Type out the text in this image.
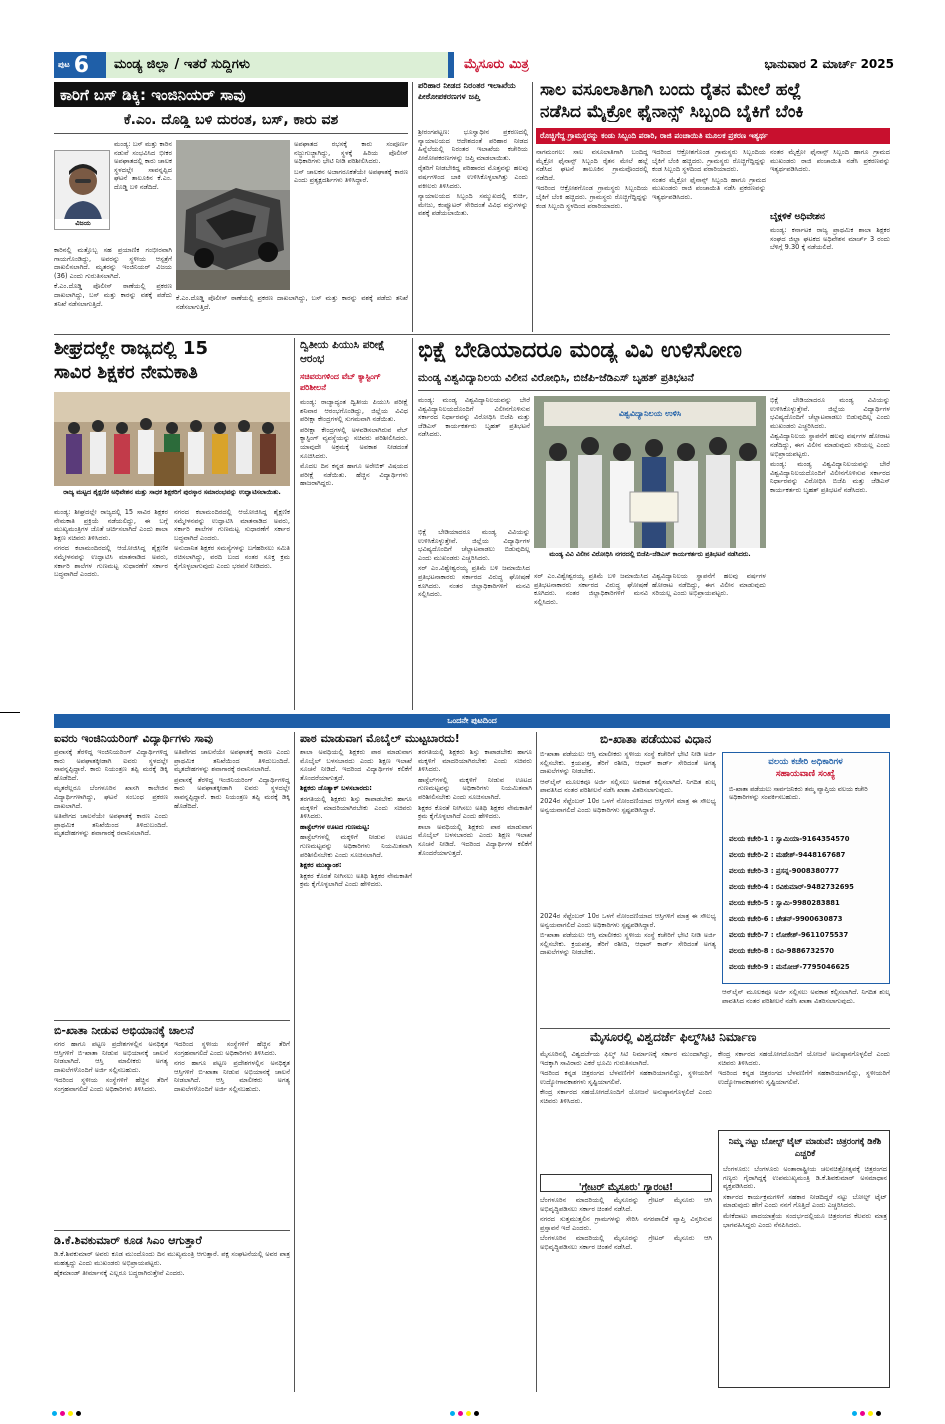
ಪುಟ 6 ಮಂಡ್ಯ ಜಿಲ್ಲಾ / ಇತರೆ ಸುದ್ದಿಗಳು	ಮೈಸೂರು ಮಿತ್ರ	ಭಾನುವಾರ 2 ಮಾರ್ಚ್ 2025
ಕಾರಿಗೆ ಬಸ್ ಡಿಕ್ಕಿ: ಇಂಜಿನಿಯರ್ ಸಾವು
ಕೆ.ಎಂ. ದೊಡ್ಡಿ ಬಳಿ ದುರಂತ, ಬಸ್, ಕಾರು ವಶ
ವಿಜಯ

ಮಂಡ್ಯ: ಬಸ್ ಮತ್ತು ಕಾರಿನ ನಡುವೆ ಸಂಭವಿಸಿದ ಭೀಕರ ಅಪಘಾತದಲ್ಲಿ ಕಾರು ಚಾಲಕ ಸ್ಥಳದಲ್ಲೇ ಸಾವನ್ನಪ್ಪಿದ ಘಟನೆ ತಾಲೂಕಿನ ಕೆ.ಎಂ. ದೊಡ್ಡಿ ಬಳಿ ನಡೆದಿದೆ.

ಕಾರಿನಲ್ಲಿ ಮತ್ತೊಬ್ಬ ಸಹ ಪ್ರಯಾಣಿಕ ಗಂಭೀರವಾಗಿ ಗಾಯಗೊಂಡಿದ್ದು, ಅವರನ್ನು ಸ್ಥಳೀಯ ಆಸ್ಪತ್ರೆಗೆ ದಾಖಲಿಸಲಾಗಿದೆ. ಮೃತರನ್ನು ಇಂಜಿನಿಯರ್ ವಿಜಯ (36) ಎಂದು ಗುರುತಿಸಲಾಗಿದೆ.

ಕೆ.ಎಂ.ದೊಡ್ಡಿ ಪೊಲೀಸ್ ಠಾಣೆಯಲ್ಲಿ ಪ್ರಕರಣ ದಾಖಲಾಗಿದ್ದು, ಬಸ್ ಮತ್ತು ಕಾರನ್ನು ವಶಕ್ಕೆ ಪಡೆದು ತನಿಖೆ ನಡೆಸಲಾಗುತ್ತಿದೆ.

ಅಪಘಾತದ ರಭಸಕ್ಕೆ ಕಾರು ಸಂಪೂರ್ಣ ನಜ್ಜುಗುಜ್ಜಾಗಿದ್ದು, ಸ್ಥಳಕ್ಕೆ ಹಿರಿಯ ಪೊಲೀಸ್ ಅಧಿಕಾರಿಗಳು ಭೇಟಿ ನೀಡಿ ಪರಿಶೀಲಿಸಿದರು.

ಬಸ್ ಚಾಲಕನ ಅಜಾಗರೂಕತೆಯೇ ಅಪಘಾತಕ್ಕೆ ಕಾರಣ ಎಂದು ಪ್ರತ್ಯಕ್ಷದರ್ಶಿಗಳು ತಿಳಿಸಿದ್ದಾರೆ.

ಕೆ.ಎಂ.ದೊಡ್ಡಿ ಪೊಲೀಸ್ ಠಾಣೆಯಲ್ಲಿ ಪ್ರಕರಣ ದಾಖಲಾಗಿದ್ದು, ಬಸ್ ಮತ್ತು ಕಾರನ್ನು ವಶಕ್ಕೆ ಪಡೆದು ತನಿಖೆ ನಡೆಸಲಾಗುತ್ತಿದೆ.

ಪರಿಹಾರ ನೀಡದ ನಿರಂತರ ಇಲಾಖೆಯ ಪೀಠೋಪಕರಣಗಳ ಜಪ್ತಿ

ಶ್ರೀರಂಗಪಟ್ಟಣ: ಭೂಸ್ವಾಧೀನ ಪ್ರಕರಣದಲ್ಲಿ ನ್ಯಾಯಾಲಯದ ಆದೇಶದಂತೆ ಪರಿಹಾರ ನೀಡದ ಹಿನ್ನೆಲೆಯಲ್ಲಿ ನಿರಂತರ ಇಲಾಖೆಯ ಕಚೇರಿಯ ಪೀಠೋಪಕರಣಗಳನ್ನು ಜಪ್ತಿ ಮಾಡಲಾಯಿತು.

ರೈತರಿಗೆ ನೀಡಬೇಕಿದ್ದ ಪರಿಹಾರದ ಮೊತ್ತವನ್ನು ಹಲವು ವರ್ಷಗಳಿಂದ ಬಾಕಿ ಉಳಿಸಿಕೊಳ್ಳಲಾಗಿತ್ತು ಎಂದು ವಕೀಲರು ತಿಳಿಸಿದರು.

ನ್ಯಾಯಾಲಯದ ಸಿಬ್ಬಂದಿ ಸಮ್ಮುಖದಲ್ಲಿ ಕುರ್ಚಿ, ಮೇಜು, ಕಂಪ್ಯೂಟರ್ ಸೇರಿದಂತೆ ವಿವಿಧ ವಸ್ತುಗಳನ್ನು ವಶಕ್ಕೆ ಪಡೆಯಲಾಯಿತು.

ಸಾಲ ವಸೂಲಾತಿಗಾಗಿ ಬಂದು ರೈತನ ಮೇಲೆ ಹಲ್ಲೆ
ನಡೆಸಿದ ಮೈಕ್ರೋ ಫೈನಾನ್ಸ್ ಸಿಬ್ಬಂದಿ ಬೈಕಿಗೆ ಬೆಂಕಿ
ರೊಚ್ಚಿಗೆದ್ದ ಗ್ರಾಮಸ್ಥರನ್ನು ಕಂಡು ಸಿಬ್ಬಂದಿ ಪರಾರಿ, ರಾಜಿ ಪಂಚಾಯಿತಿ ಮೂಲಕ ಪ್ರಕರಣ ಇತ್ಯರ್ಥ

ನಾಗಮಂಗಲ: ಸಾಲ ವಸೂಲಾತಿಗಾಗಿ ಬಂದಿದ್ದ ಮೈಕ್ರೋ ಫೈನಾನ್ಸ್ ಸಿಬ್ಬಂದಿ ರೈತನ ಮೇಲೆ ಹಲ್ಲೆ ನಡೆಸಿದ ಘಟನೆ ತಾಲೂಕಿನ ಗ್ರಾಮವೊಂದರಲ್ಲಿ ನಡೆದಿದೆ.

ಇದರಿಂದ ಆಕ್ರೋಶಗೊಂಡ ಗ್ರಾಮಸ್ಥರು ಸಿಬ್ಬಂದಿಯ ಬೈಕಿಗೆ ಬೆಂಕಿ ಹಚ್ಚಿದರು. ಗ್ರಾಮಸ್ಥರು ರೊಚ್ಚಿಗೆದ್ದಿದ್ದನ್ನು ಕಂಡ ಸಿಬ್ಬಂದಿ ಸ್ಥಳದಿಂದ ಪರಾರಿಯಾದರು.

ಇದರಿಂದ ಆಕ್ರೋಶಗೊಂಡ ಗ್ರಾಮಸ್ಥರು ಸಿಬ್ಬಂದಿಯ ಬೈಕಿಗೆ ಬೆಂಕಿ ಹಚ್ಚಿದರು. ಗ್ರಾಮಸ್ಥರು ರೊಚ್ಚಿಗೆದ್ದಿದ್ದನ್ನು ಕಂಡ ಸಿಬ್ಬಂದಿ ಸ್ಥಳದಿಂದ ಪರಾರಿಯಾದರು.

ನಂತರ ಮೈಕ್ರೋ ಫೈನಾನ್ಸ್ ಸಿಬ್ಬಂದಿ ಹಾಗೂ ಗ್ರಾಮದ ಮುಖಂಡರು ರಾಜಿ ಪಂಚಾಯಿತಿ ನಡೆಸಿ ಪ್ರಕರಣವನ್ನು ಇತ್ಯರ್ಥಪಡಿಸಿದರು.

ನಂತರ ಮೈಕ್ರೋ ಫೈನಾನ್ಸ್ ಸಿಬ್ಬಂದಿ ಹಾಗೂ ಗ್ರಾಮದ ಮುಖಂಡರು ರಾಜಿ ಪಂಚಾಯಿತಿ ನಡೆಸಿ ಪ್ರಕರಣವನ್ನು ಇತ್ಯರ್ಥಪಡಿಸಿದರು.

ಬೈಕ್ಗಳಿಕೆ ಅಧಿವೇಶನ

ಮಂಡ್ಯ: ಕರ್ನಾಟಕ ರಾಜ್ಯ ಪ್ರಾಥಮಿಕ ಶಾಲಾ ಶಿಕ್ಷಕರ ಸಂಘದ ಜಿಲ್ಲಾ ಘಟಕದ ಅಧಿವೇಶನ ಮಾರ್ಚ್ 3 ರಂದು ಬೆಳಿಗ್ಗೆ 9.30 ಕ್ಕೆ ನಡೆಯಲಿದೆ.

ಶೀಘ್ರದಲ್ಲೇ ರಾಜ್ಯದಲ್ಲಿ 15
ಸಾವಿರ ಶಿಕ್ಷಕರ ನೇಮಕಾತಿ
ರಾಜ್ಯ ಮಟ್ಟದ ಶೈಕ್ಷಣಿಕ ಅಧಿವೇಶನ ಮತ್ತು ಸಾಧಕ ಶಿಕ್ಷಕರಿಗೆ ಪುರಸ್ಕಾರ ಸಮಾರಂಭವನ್ನು ಉದ್ಘಾಟಿಸಲಾಯಿತು.

ಮಂಡ್ಯ: ಶೀಘ್ರದಲ್ಲೇ ರಾಜ್ಯದಲ್ಲಿ 15 ಸಾವಿರ ಶಿಕ್ಷಕರ ನೇಮಕಾತಿ ಪ್ರಕ್ರಿಯೆ ನಡೆಯಲಿದ್ದು, ಈ ಬಗ್ಗೆ ಮುಖ್ಯಮಂತ್ರಿಗಳ ಜೊತೆ ಚರ್ಚಿಸಲಾಗಿದೆ ಎಂದು ಶಾಲಾ ಶಿಕ್ಷಣ ಸಚಿವರು ತಿಳಿಸಿದರು.

ನಗರದ ಕಲಾಮಂದಿರದಲ್ಲಿ ಆಯೋಜಿಸಿದ್ದ ಶೈಕ್ಷಣಿಕ ಸಮ್ಮೇಳನವನ್ನು ಉದ್ಘಾಟಿಸಿ ಮಾತನಾಡಿದ ಅವರು, ಸರ್ಕಾರಿ ಶಾಲೆಗಳ ಗುಣಮಟ್ಟ ಸುಧಾರಣೆಗೆ ಸರ್ಕಾರ ಬದ್ಧವಾಗಿದೆ ಎಂದರು.

ನಗರದ ಕಲಾಮಂದಿರದಲ್ಲಿ ಆಯೋಜಿಸಿದ್ದ ಶೈಕ್ಷಣಿಕ ಸಮ್ಮೇಳನವನ್ನು ಉದ್ಘಾಟಿಸಿ ಮಾತನಾಡಿದ ಅವರು, ಸರ್ಕಾರಿ ಶಾಲೆಗಳ ಗುಣಮಟ್ಟ ಸುಧಾರಣೆಗೆ ಸರ್ಕಾರ ಬದ್ಧವಾಗಿದೆ ಎಂದರು.

ಅನುದಾನಿತ ಶಿಕ್ಷಕರ ಸಮಸ್ಯೆಗಳನ್ನು ಬಗೆಹರಿಸಲು ಸಮಿತಿ ರಚಿಸಲಾಗಿದ್ದು, ವರದಿ ಬಂದ ನಂತರ ಸೂಕ್ತ ಕ್ರಮ ಕೈಗೊಳ್ಳಲಾಗುವುದು ಎಂದು ಭರವಸೆ ನೀಡಿದರು.

ದ್ವಿತೀಯ ಪಿಯುಸಿ ಪರೀಕ್ಷೆ ಆರಂಭ
ಸಚಿವರುಗಳಿಂದ ವೆಬ್ ಕ್ಯಾಸ್ಟಿಂಗ್ ಪರಿಶೀಲನೆ

ಮಂಡ್ಯ: ರಾಜ್ಯಾದ್ಯಂತ ದ್ವಿತೀಯ ಪಿಯುಸಿ ಪರೀಕ್ಷೆ ಶನಿವಾರ ಆರಂಭಗೊಂಡಿದ್ದು, ಜಿಲ್ಲೆಯ ವಿವಿಧ ಪರೀಕ್ಷಾ ಕೇಂದ್ರಗಳಲ್ಲಿ ಸುಗಮವಾಗಿ ನಡೆಯಿತು.

ಪರೀಕ್ಷಾ ಕೇಂದ್ರಗಳಲ್ಲಿ ಅಳವಡಿಸಲಾಗಿರುವ ವೆಬ್ ಕ್ಯಾಸ್ಟಿಂಗ್ ವ್ಯವಸ್ಥೆಯನ್ನು ಸಚಿವರು ಪರಿಶೀಲಿಸಿದರು. ಯಾವುದೇ ಅಕ್ರಮಕ್ಕೆ ಅವಕಾಶ ನೀಡದಂತೆ ಸೂಚಿಸಿದರು.

ಮೊದಲ ದಿನ ಕನ್ನಡ ಹಾಗೂ ಅರೇಬಿಕ್ ವಿಷಯದ ಪರೀಕ್ಷೆ ನಡೆಯಿತು. ಹೆಚ್ಚಿನ ವಿದ್ಯಾರ್ಥಿಗಳು ಹಾಜರಾಗಿದ್ದರು.

ಭಿಕ್ಷೆ ಬೇಡಿಯಾದರೂ ಮಂಡ್ಯ ವಿವಿ ಉಳಿಸೋಣ
ಮಂಡ್ಯ ವಿಶ್ವವಿದ್ಯಾನಿಲಯ ವಿಲೀನ ವಿರೋಧಿಸಿ, ಬಿಜೆಪಿ-ಜೆಡಿಎಸ್ ಬೃಹತ್ ಪ್ರತಿಭಟನೆ

ಮಂಡ್ಯ: ಮಂಡ್ಯ ವಿಶ್ವವಿದ್ಯಾನಿಲಯವನ್ನು ಬೇರೆ ವಿಶ್ವವಿದ್ಯಾನಿಲಯದೊಂದಿಗೆ ವಿಲೀನಗೊಳಿಸುವ ಸರ್ಕಾರದ ನಿರ್ಧಾರವನ್ನು ವಿರೋಧಿಸಿ ಬಿಜೆಪಿ ಮತ್ತು ಜೆಡಿಎಸ್ ಕಾರ್ಯಕರ್ತರು ಬೃಹತ್ ಪ್ರತಿಭಟನೆ ನಡೆಸಿದರು.

ವಿಶ್ವವಿದ್ಯಾನಿಲಯ ಉಳಿಸಿ
ಮಂಡ್ಯ ವಿವಿ ವಿಲೀನ ವಿರೋಧಿಸಿ ನಗರದಲ್ಲಿ ಬಿಜೆಪಿ-ಜೆಡಿಎಸ್ ಕಾರ್ಯಕರ್ತರು ಪ್ರತಿಭಟನೆ ನಡೆಸಿದರು.

ಭಿಕ್ಷೆ ಬೇಡಿಯಾದರೂ ಮಂಡ್ಯ ವಿವಿಯನ್ನು ಉಳಿಸಿಕೊಳ್ಳುತ್ತೇವೆ. ಜಿಲ್ಲೆಯ ವಿದ್ಯಾರ್ಥಿಗಳ ಭವಿಷ್ಯದೊಂದಿಗೆ ಚೆಲ್ಲಾಟವಾಡಲು ಬಿಡುವುದಿಲ್ಲ ಎಂದು ಮುಖಂಡರು ಎಚ್ಚರಿಸಿದರು.

ಸರ್ ಎಂ.ವಿಶ್ವೇಶ್ವರಯ್ಯ ಪ್ರತಿಮೆ ಬಳಿ ಜಮಾಯಿಸಿದ ಪ್ರತಿಭಟನಾಕಾರರು ಸರ್ಕಾರದ ವಿರುದ್ಧ ಘೋಷಣೆ ಕೂಗಿದರು. ನಂತರ ಜಿಲ್ಲಾಧಿಕಾರಿಗಳಿಗೆ ಮನವಿ ಸಲ್ಲಿಸಿದರು.

ಸರ್ ಎಂ.ವಿಶ್ವೇಶ್ವರಯ್ಯ ಪ್ರತಿಮೆ ಬಳಿ ಜಮಾಯಿಸಿದ ಪ್ರತಿಭಟನಾಕಾರರು ಸರ್ಕಾರದ ವಿರುದ್ಧ ಘೋಷಣೆ ಕೂಗಿದರು. ನಂತರ ಜಿಲ್ಲಾಧಿಕಾರಿಗಳಿಗೆ ಮನವಿ ಸಲ್ಲಿಸಿದರು.

ವಿಶ್ವವಿದ್ಯಾನಿಲಯ ಸ್ಥಾಪನೆಗೆ ಹಲವು ವರ್ಷಗಳ ಹೋರಾಟ ನಡೆದಿದ್ದು, ಈಗ ವಿಲೀನ ಮಾಡುವುದು ಸರಿಯಲ್ಲ ಎಂದು ಅಭಿಪ್ರಾಯಪಟ್ಟರು.

ಭಿಕ್ಷೆ ಬೇಡಿಯಾದರೂ ಮಂಡ್ಯ ವಿವಿಯನ್ನು ಉಳಿಸಿಕೊಳ್ಳುತ್ತೇವೆ. ಜಿಲ್ಲೆಯ ವಿದ್ಯಾರ್ಥಿಗಳ ಭವಿಷ್ಯದೊಂದಿಗೆ ಚೆಲ್ಲಾಟವಾಡಲು ಬಿಡುವುದಿಲ್ಲ ಎಂದು ಮುಖಂಡರು ಎಚ್ಚರಿಸಿದರು.

ವಿಶ್ವವಿದ್ಯಾನಿಲಯ ಸ್ಥಾಪನೆಗೆ ಹಲವು ವರ್ಷಗಳ ಹೋರಾಟ ನಡೆದಿದ್ದು, ಈಗ ವಿಲೀನ ಮಾಡುವುದು ಸರಿಯಲ್ಲ ಎಂದು ಅಭಿಪ್ರಾಯಪಟ್ಟರು.

ಮಂಡ್ಯ: ಮಂಡ್ಯ ವಿಶ್ವವಿದ್ಯಾನಿಲಯವನ್ನು ಬೇರೆ ವಿಶ್ವವಿದ್ಯಾನಿಲಯದೊಂದಿಗೆ ವಿಲೀನಗೊಳಿಸುವ ಸರ್ಕಾರದ ನಿರ್ಧಾರವನ್ನು ವಿರೋಧಿಸಿ ಬಿಜೆಪಿ ಮತ್ತು ಜೆಡಿಎಸ್ ಕಾರ್ಯಕರ್ತರು ಬೃಹತ್ ಪ್ರತಿಭಟನೆ ನಡೆಸಿದರು.

ಒಂದನೇ ಪುಟದಿಂದ
ಐವರು ಇಂಜಿನಿಯರಿಂಗ್ ವಿದ್ಯಾರ್ಥಿಗಳು ಸಾವು

ಪ್ರವಾಸಕ್ಕೆ ತೆರಳಿದ್ದ ಇಂಜಿನಿಯರಿಂಗ್ ವಿದ್ಯಾರ್ಥಿಗಳಿದ್ದ ಕಾರು ಅಪಘಾತಕ್ಕೀಡಾಗಿ ಐವರು ಸ್ಥಳದಲ್ಲೇ ಸಾವನ್ನಪ್ಪಿದ್ದಾರೆ. ಕಾರು ನಿಯಂತ್ರಣ ತಪ್ಪಿ ಮರಕ್ಕೆ ಡಿಕ್ಕಿ ಹೊಡೆದಿದೆ.

ಮೃತರೆಲ್ಲರೂ ಬೆಂಗಳೂರಿನ ಖಾಸಗಿ ಕಾಲೇಜಿನ ವಿದ್ಯಾರ್ಥಿಗಳಾಗಿದ್ದು, ಘಟನೆ ಸಂಬಂಧ ಪ್ರಕರಣ ದಾಖಲಾಗಿದೆ.

ಅತಿವೇಗದ ಚಾಲನೆಯೇ ಅಪಘಾತಕ್ಕೆ ಕಾರಣ ಎಂದು ಪ್ರಾಥಮಿಕ ತನಿಖೆಯಿಂದ ತಿಳಿದುಬಂದಿದೆ. ಮೃತದೇಹಗಳನ್ನು ಶವಾಗಾರಕ್ಕೆ ರವಾನಿಸಲಾಗಿದೆ.

ಅತಿವೇಗದ ಚಾಲನೆಯೇ ಅಪಘಾತಕ್ಕೆ ಕಾರಣ ಎಂದು ಪ್ರಾಥಮಿಕ ತನಿಖೆಯಿಂದ ತಿಳಿದುಬಂದಿದೆ. ಮೃತದೇಹಗಳನ್ನು ಶವಾಗಾರಕ್ಕೆ ರವಾನಿಸಲಾಗಿದೆ.

ಪ್ರವಾಸಕ್ಕೆ ತೆರಳಿದ್ದ ಇಂಜಿನಿಯರಿಂಗ್ ವಿದ್ಯಾರ್ಥಿಗಳಿದ್ದ ಕಾರು ಅಪಘಾತಕ್ಕೀಡಾಗಿ ಐವರು ಸ್ಥಳದಲ್ಲೇ ಸಾವನ್ನಪ್ಪಿದ್ದಾರೆ. ಕಾರು ನಿಯಂತ್ರಣ ತಪ್ಪಿ ಮರಕ್ಕೆ ಡಿಕ್ಕಿ ಹೊಡೆದಿದೆ.

ಬಿ-ಖಾತಾ ನೀಡುವ ಅಭಿಯಾನಕ್ಕೆ ಚಾಲನೆ

ನಗರ ಹಾಗೂ ಪಟ್ಟಣ ಪ್ರದೇಶಗಳಲ್ಲಿನ ಅನಧಿಕೃತ ಆಸ್ತಿಗಳಿಗೆ ಬಿ-ಖಾತಾ ನೀಡುವ ಅಭಿಯಾನಕ್ಕೆ ಚಾಲನೆ ನೀಡಲಾಗಿದೆ. ಆಸ್ತಿ ಮಾಲೀಕರು ಅಗತ್ಯ ದಾಖಲೆಗಳೊಂದಿಗೆ ಅರ್ಜಿ ಸಲ್ಲಿಸಬಹುದು.

ಇದರಿಂದ ಸ್ಥಳೀಯ ಸಂಸ್ಥೆಗಳಿಗೆ ಹೆಚ್ಚಿನ ತೆರಿಗೆ ಸಂಗ್ರಹವಾಗಲಿದೆ ಎಂದು ಅಧಿಕಾರಿಗಳು ತಿಳಿಸಿದರು.

ಇದರಿಂದ ಸ್ಥಳೀಯ ಸಂಸ್ಥೆಗಳಿಗೆ ಹೆಚ್ಚಿನ ತೆರಿಗೆ ಸಂಗ್ರಹವಾಗಲಿದೆ ಎಂದು ಅಧಿಕಾರಿಗಳು ತಿಳಿಸಿದರು.

ನಗರ ಹಾಗೂ ಪಟ್ಟಣ ಪ್ರದೇಶಗಳಲ್ಲಿನ ಅನಧಿಕೃತ ಆಸ್ತಿಗಳಿಗೆ ಬಿ-ಖಾತಾ ನೀಡುವ ಅಭಿಯಾನಕ್ಕೆ ಚಾಲನೆ ನೀಡಲಾಗಿದೆ. ಆಸ್ತಿ ಮಾಲೀಕರು ಅಗತ್ಯ ದಾಖಲೆಗಳೊಂದಿಗೆ ಅರ್ಜಿ ಸಲ್ಲಿಸಬಹುದು.

ಡಿ.ಕೆ.ಶಿವಕುಮಾರ್ ಕೂಡ ಸಿಎಂ ಆಗುತ್ತಾರೆ

ಡಿ.ಕೆ.ಶಿವಕುಮಾರ್ ಅವರು ಕೂಡ ಮುಂದೊಂದು ದಿನ ಮುಖ್ಯಮಂತ್ರಿ ಆಗುತ್ತಾರೆ. ಪಕ್ಷ ಸಂಘಟನೆಯಲ್ಲಿ ಅವರ ಪಾತ್ರ ಮಹತ್ವದ್ದು ಎಂದು ಮುಖಂಡರು ಅಭಿಪ್ರಾಯಪಟ್ಟರು.

ಹೈಕಮಾಂಡ್ ತೀರ್ಮಾನಕ್ಕೆ ಎಲ್ಲರೂ ಬದ್ಧರಾಗಿರುತ್ತೇವೆ ಎಂದರು.

ಪಾಠ ಮಾಡುವಾಗ ಮೊಬೈಲ್ ಮುಟ್ಟಬಾರದು!

ಶಾಲಾ ಅವಧಿಯಲ್ಲಿ ಶಿಕ್ಷಕರು ಪಾಠ ಮಾಡುವಾಗ ಮೊಬೈಲ್ ಬಳಸಬಾರದು ಎಂದು ಶಿಕ್ಷಣ ಇಲಾಖೆ ಸೂಚನೆ ನೀಡಿದೆ. ಇದರಿಂದ ವಿದ್ಯಾರ್ಥಿಗಳ ಕಲಿಕೆಗೆ ತೊಂದರೆಯಾಗುತ್ತದೆ.

ಶಿಕ್ಷಕರು ಜೊತ್ಯಾಕ್ ಬಳಸಬಾರದು:

ತರಗತಿಯಲ್ಲಿ ಶಿಕ್ಷಕರು ಶಿಸ್ತು ಕಾಪಾಡಬೇಕು ಹಾಗೂ ಮಕ್ಕಳಿಗೆ ಮಾದರಿಯಾಗಿರಬೇಕು ಎಂದು ಸಚಿವರು ತಿಳಿಸಿದರು.

ಹಾಸ್ಟೆಲ್‌ಗಳ ಊಟದ ಗುಣಮಟ್ಟ:

ಹಾಸ್ಟೆಲ್‌ಗಳಲ್ಲಿ ಮಕ್ಕಳಿಗೆ ನೀಡುವ ಊಟದ ಗುಣಮಟ್ಟವನ್ನು ಅಧಿಕಾರಿಗಳು ನಿಯಮಿತವಾಗಿ ಪರಿಶೀಲಿಸಬೇಕು ಎಂದು ಸೂಚಿಸಲಾಗಿದೆ.

ಶಿಕ್ಷಕರ ಮುಖ್ಯಾಂಶ:

ಶಿಕ್ಷಕರ ಕೊರತೆ ನೀಗಿಸಲು ಅತಿಥಿ ಶಿಕ್ಷಕರ ನೇಮಕಾತಿಗೆ ಕ್ರಮ ಕೈಗೊಳ್ಳಲಾಗಿದೆ ಎಂದು ಹೇಳಿದರು.

ತರಗತಿಯಲ್ಲಿ ಶಿಕ್ಷಕರು ಶಿಸ್ತು ಕಾಪಾಡಬೇಕು ಹಾಗೂ ಮಕ್ಕಳಿಗೆ ಮಾದರಿಯಾಗಿರಬೇಕು ಎಂದು ಸಚಿವರು ತಿಳಿಸಿದರು.

ಹಾಸ್ಟೆಲ್‌ಗಳಲ್ಲಿ ಮಕ್ಕಳಿಗೆ ನೀಡುವ ಊಟದ ಗುಣಮಟ್ಟವನ್ನು ಅಧಿಕಾರಿಗಳು ನಿಯಮಿತವಾಗಿ ಪರಿಶೀಲಿಸಬೇಕು ಎಂದು ಸೂಚಿಸಲಾಗಿದೆ.

ಶಿಕ್ಷಕರ ಕೊರತೆ ನೀಗಿಸಲು ಅತಿಥಿ ಶಿಕ್ಷಕರ ನೇಮಕಾತಿಗೆ ಕ್ರಮ ಕೈಗೊಳ್ಳಲಾಗಿದೆ ಎಂದು ಹೇಳಿದರು.

ಶಾಲಾ ಅವಧಿಯಲ್ಲಿ ಶಿಕ್ಷಕರು ಪಾಠ ಮಾಡುವಾಗ ಮೊಬೈಲ್ ಬಳಸಬಾರದು ಎಂದು ಶಿಕ್ಷಣ ಇಲಾಖೆ ಸೂಚನೆ ನೀಡಿದೆ. ಇದರಿಂದ ವಿದ್ಯಾರ್ಥಿಗಳ ಕಲಿಕೆಗೆ ತೊಂದರೆಯಾಗುತ್ತದೆ.

ಬಿ-ಖಾತಾ ಪಡೆಯುವ ವಿಧಾನ

ಬಿ-ಖಾತಾ ಪಡೆಯಲು ಆಸ್ತಿ ಮಾಲೀಕರು ಸ್ಥಳೀಯ ಸಂಸ್ಥೆ ಕಚೇರಿಗೆ ಭೇಟಿ ನೀಡಿ ಅರ್ಜಿ ಸಲ್ಲಿಸಬೇಕು. ಕ್ರಯಪತ್ರ, ತೆರಿಗೆ ರಶೀದಿ, ಆಧಾರ್ ಕಾರ್ಡ್ ಸೇರಿದಂತೆ ಅಗತ್ಯ ದಾಖಲೆಗಳನ್ನು ನೀಡಬೇಕು.

ಆನ್‌ಲೈನ್ ಮೂಲಕವೂ ಅರ್ಜಿ ಸಲ್ಲಿಸಲು ಅವಕಾಶ ಕಲ್ಪಿಸಲಾಗಿದೆ. ನಿಗದಿತ ಶುಲ್ಕ ಪಾವತಿಸಿದ ನಂತರ ಪರಿಶೀಲನೆ ನಡೆಸಿ ಖಾತಾ ವಿತರಿಸಲಾಗುವುದು.

2024ರ ಸೆಪ್ಟೆಂಬರ್ 10ರ ಒಳಗೆ ನೋಂದಣಿಯಾದ ಆಸ್ತಿಗಳಿಗೆ ಮಾತ್ರ ಈ ಸೌಲಭ್ಯ ಅನ್ವಯವಾಗಲಿದೆ ಎಂದು ಅಧಿಕಾರಿಗಳು ಸ್ಪಷ್ಟಪಡಿಸಿದ್ದಾರೆ.

ವಲಯ ಕಚೇರಿ ಅಧಿಕಾರಿಗಳ
ಸಹಾಯವಾಣಿ ಸಂಖ್ಯೆ
ಬಿ-ಖಾತಾ ಪಡೆಯಲು ಸಾರ್ವಜನಿಕರು ತಮ್ಮ ವ್ಯಾಪ್ತಿಯ ವಲಯ ಕಚೇರಿ ಅಧಿಕಾರಿಗಳನ್ನು ಸಂಪರ್ಕಿಸಬಹುದು.
ವಲಯ ಕಚೇರಿ-1 : ಸ್ವಾಮಿಯಾ-9164354570
ವಲಯ ಕಚೇರಿ-2 : ಮಹೇಶ್-9448167687
ವಲಯ ಕಚೇರಿ-3 : ಪ್ರಸನ್ನ-9008380777
ವಲಯ ಕಚೇರಿ-4 : ರವಿಕುಮಾರ್-9482732695
ವಲಯ ಕಚೇರಿ-5 : ಸ್ವಾಮಿ-9980283881
ವಲಯ ಕಚೇರಿ-6 : ಚೇತನ್-9900630873
ವಲಯ ಕಚೇರಿ-7 : ಲೋಕೇಶ್-9611075537
ವಲಯ ಕಚೇರಿ-8 : ರವಿ-9886732570
ವಲಯ ಕಚೇರಿ-9 : ಮನೋಜ್-7795046625

2024ರ ಸೆಪ್ಟೆಂಬರ್ 10ರ ಒಳಗೆ ನೋಂದಣಿಯಾದ ಆಸ್ತಿಗಳಿಗೆ ಮಾತ್ರ ಈ ಸೌಲಭ್ಯ ಅನ್ವಯವಾಗಲಿದೆ ಎಂದು ಅಧಿಕಾರಿಗಳು ಸ್ಪಷ್ಟಪಡಿಸಿದ್ದಾರೆ.

ಬಿ-ಖಾತಾ ಪಡೆಯಲು ಆಸ್ತಿ ಮಾಲೀಕರು ಸ್ಥಳೀಯ ಸಂಸ್ಥೆ ಕಚೇರಿಗೆ ಭೇಟಿ ನೀಡಿ ಅರ್ಜಿ ಸಲ್ಲಿಸಬೇಕು. ಕ್ರಯಪತ್ರ, ತೆರಿಗೆ ರಶೀದಿ, ಆಧಾರ್ ಕಾರ್ಡ್ ಸೇರಿದಂತೆ ಅಗತ್ಯ ದಾಖಲೆಗಳನ್ನು ನೀಡಬೇಕು.

ಆನ್‌ಲೈನ್ ಮೂಲಕವೂ ಅರ್ಜಿ ಸಲ್ಲಿಸಲು ಅವಕಾಶ ಕಲ್ಪಿಸಲಾಗಿದೆ. ನಿಗದಿತ ಶುಲ್ಕ ಪಾವತಿಸಿದ ನಂತರ ಪರಿಶೀಲನೆ ನಡೆಸಿ ಖಾತಾ ವಿತರಿಸಲಾಗುವುದು.

ಮೈಸೂರಲ್ಲಿ ವಿಶ್ವದರ್ಜೆ ಫಿಲ್ಮ್‌ಸಿಟಿ ನಿರ್ಮಾಣ

ಮೈಸೂರಿನಲ್ಲಿ ವಿಶ್ವದರ್ಜೆಯ ಫಿಲ್ಮ್ ಸಿಟಿ ನಿರ್ಮಾಣಕ್ಕೆ ಸರ್ಕಾರ ಮುಂದಾಗಿದ್ದು, ಇದಕ್ಕಾಗಿ ಸಾವಿರಾರು ಎಕರೆ ಭೂಮಿ ಗುರುತಿಸಲಾಗಿದೆ.

ಇದರಿಂದ ಕನ್ನಡ ಚಿತ್ರರಂಗದ ಬೆಳವಣಿಗೆಗೆ ಸಹಕಾರಿಯಾಗಲಿದ್ದು, ಸ್ಥಳೀಯರಿಗೆ ಉದ್ಯೋಗಾವಕಾಶಗಳು ಸೃಷ್ಟಿಯಾಗಲಿವೆ.

ಕೇಂದ್ರ ಸರ್ಕಾರದ ಸಹಯೋಗದೊಂದಿಗೆ ಯೋಜನೆ ಅನುಷ್ಠಾನಗೊಳ್ಳಲಿದೆ ಎಂದು ಸಚಿವರು ತಿಳಿಸಿದರು.

ಕೇಂದ್ರ ಸರ್ಕಾರದ ಸಹಯೋಗದೊಂದಿಗೆ ಯೋಜನೆ ಅನುಷ್ಠಾನಗೊಳ್ಳಲಿದೆ ಎಂದು ಸಚಿವರು ತಿಳಿಸಿದರು.

ಇದರಿಂದ ಕನ್ನಡ ಚಿತ್ರರಂಗದ ಬೆಳವಣಿಗೆಗೆ ಸಹಕಾರಿಯಾಗಲಿದ್ದು, ಸ್ಥಳೀಯರಿಗೆ ಉದ್ಯೋಗಾವಕಾಶಗಳು ಸೃಷ್ಟಿಯಾಗಲಿವೆ.

'ಗ್ರೇಟರ್ ಮೈಸೂರು' ಗ್ಯಾರಂಟಿ!

ಬೆಂಗಳೂರಿನ ಮಾದರಿಯಲ್ಲಿ ಮೈಸೂರನ್ನು ಗ್ರೇಟರ್ ಮೈಸೂರು ಆಗಿ ಅಭಿವೃದ್ಧಿಪಡಿಸಲು ಸರ್ಕಾರ ಚಿಂತನೆ ನಡೆಸಿದೆ.

ನಗರದ ಸುತ್ತಮುತ್ತಲಿನ ಗ್ರಾಮಗಳನ್ನು ಸೇರಿಸಿ ನಗರಪಾಲಿಕೆ ವ್ಯಾಪ್ತಿ ವಿಸ್ತರಿಸುವ ಪ್ರಸ್ತಾವನೆ ಇದೆ ಎಂದರು.

ಬೆಂಗಳೂರಿನ ಮಾದರಿಯಲ್ಲಿ ಮೈಸೂರನ್ನು ಗ್ರೇಟರ್ ಮೈಸೂರು ಆಗಿ ಅಭಿವೃದ್ಧಿಪಡಿಸಲು ಸರ್ಕಾರ ಚಿಂತನೆ ನಡೆಸಿದೆ.

ನಿಮ್ಮ ನಟ್ಟು ಬೋಲ್ಟ್ ಟೈಟ್ ಮಾಡುವೆ: ಚಿತ್ರರಂಗಕ್ಕೆ ಡಿಕೆಶಿ ಎಚ್ಚರಿಕೆ

ಬೆಂಗಳೂರು: ಬೆಂಗಳೂರು ಅಂತಾರಾಷ್ಟ್ರೀಯ ಚಲನಚಿತ್ರೋತ್ಸವಕ್ಕೆ ಚಿತ್ರರಂಗದ ಗಣ್ಯರು ಗೈರಾಗಿದ್ದಕ್ಕೆ ಉಪಮುಖ್ಯಮಂತ್ರಿ ಡಿ.ಕೆ.ಶಿವಕುಮಾರ್ ಅಸಮಾಧಾನ ವ್ಯಕ್ತಪಡಿಸಿದರು.

ಸರ್ಕಾರದ ಕಾರ್ಯಕ್ರಮಗಳಿಗೆ ಸಹಕಾರ ನೀಡದಿದ್ದರೆ ನಟ್ಟು ಬೋಲ್ಟ್ ಟೈಟ್ ಮಾಡುವುದು ಹೇಗೆ ಎಂದು ನನಗೆ ಗೊತ್ತಿದೆ ಎಂದು ಎಚ್ಚರಿಸಿದರು.

ಮೇಕೆದಾಟು ಪಾದಯಾತ್ರೆಯ ಸಂದರ್ಭದಲ್ಲಿಯೂ ಚಿತ್ರರಂಗದ ಕೆಲವರು ಮಾತ್ರ ಭಾಗವಹಿಸಿದ್ದರು ಎಂದು ನೆನಪಿಸಿದರು.
